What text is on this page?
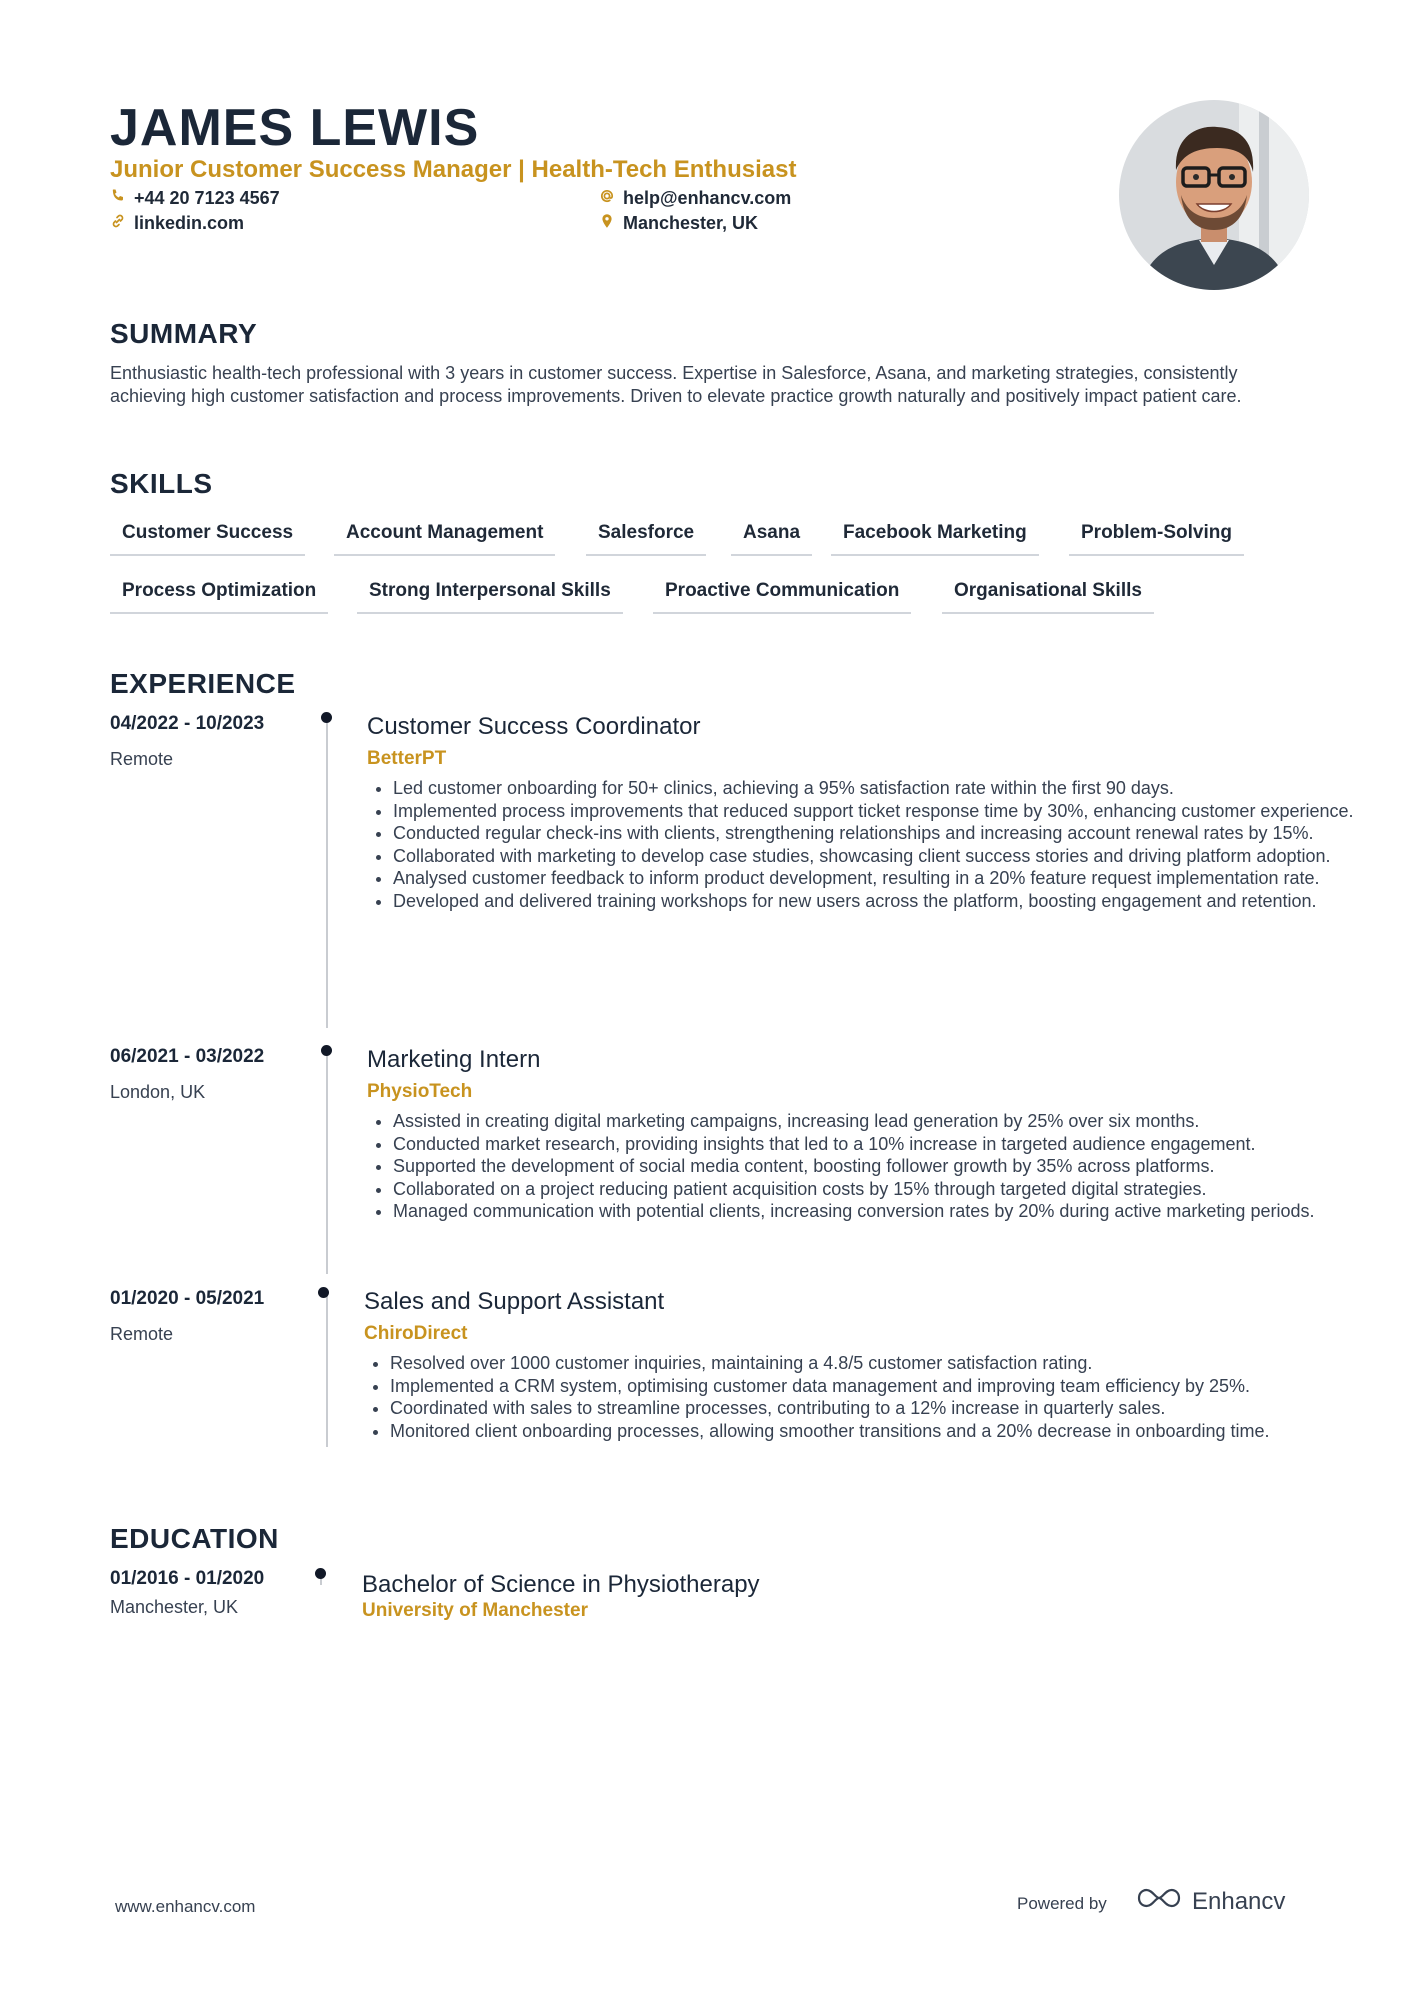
JAMES LEWIS
Junior Customer Success Manager | Health-Tech Enthusiast
+44 20 7123 4567	help@enhancv.com
linkedin.com	Manchester, UK
SUMMARY
Enthusiastic health-tech professional with 3 years in customer success. Expertise in Salesforce, Asana, and marketing strategies, consistently achieving high customer satisfaction and process improvements. Driven to elevate practice growth naturally and positively impact patient care.
SKILLS
Customer Success	Account Management	Salesforce	Asana	Facebook Marketing	Problem-Solving
Process Optimization	Strong Interpersonal Skills	Proactive Communication	Organisational Skills
EXPERIENCE
04/2022 - 10/2023
Remote
Customer Success Coordinator
BetterPT
• Led customer onboarding for 50+ clinics, achieving a 95% satisfaction rate within the first 90 days.
• Implemented process improvements that reduced support ticket response time by 30%, enhancing customer experience.
• Conducted regular check-ins with clients, strengthening relationships and increasing account renewal rates by 15%.
• Collaborated with marketing to develop case studies, showcasing client success stories and driving platform adoption.
• Analysed customer feedback to inform product development, resulting in a 20% feature request implementation rate.
• Developed and delivered training workshops for new users across the platform, boosting engagement and retention.
06/2021 - 03/2022
London, UK
Marketing Intern
PhysioTech
• Assisted in creating digital marketing campaigns, increasing lead generation by 25% over six months.
• Conducted market research, providing insights that led to a 10% increase in targeted audience engagement.
• Supported the development of social media content, boosting follower growth by 35% across platforms.
• Collaborated on a project reducing patient acquisition costs by 15% through targeted digital strategies.
• Managed communication with potential clients, increasing conversion rates by 20% during active marketing periods.
01/2020 - 05/2021
Remote
Sales and Support Assistant
ChiroDirect
• Resolved over 1000 customer inquiries, maintaining a 4.8/5 customer satisfaction rating.
• Implemented a CRM system, optimising customer data management and improving team efficiency by 25%.
• Coordinated with sales to streamline processes, contributing to a 12% increase in quarterly sales.
• Monitored client onboarding processes, allowing smoother transitions and a 20% decrease in onboarding time.
EDUCATION
01/2016 - 01/2020
Manchester, UK
Bachelor of Science in Physiotherapy
University of Manchester
www.enhancv.com	Powered by	Enhancv
